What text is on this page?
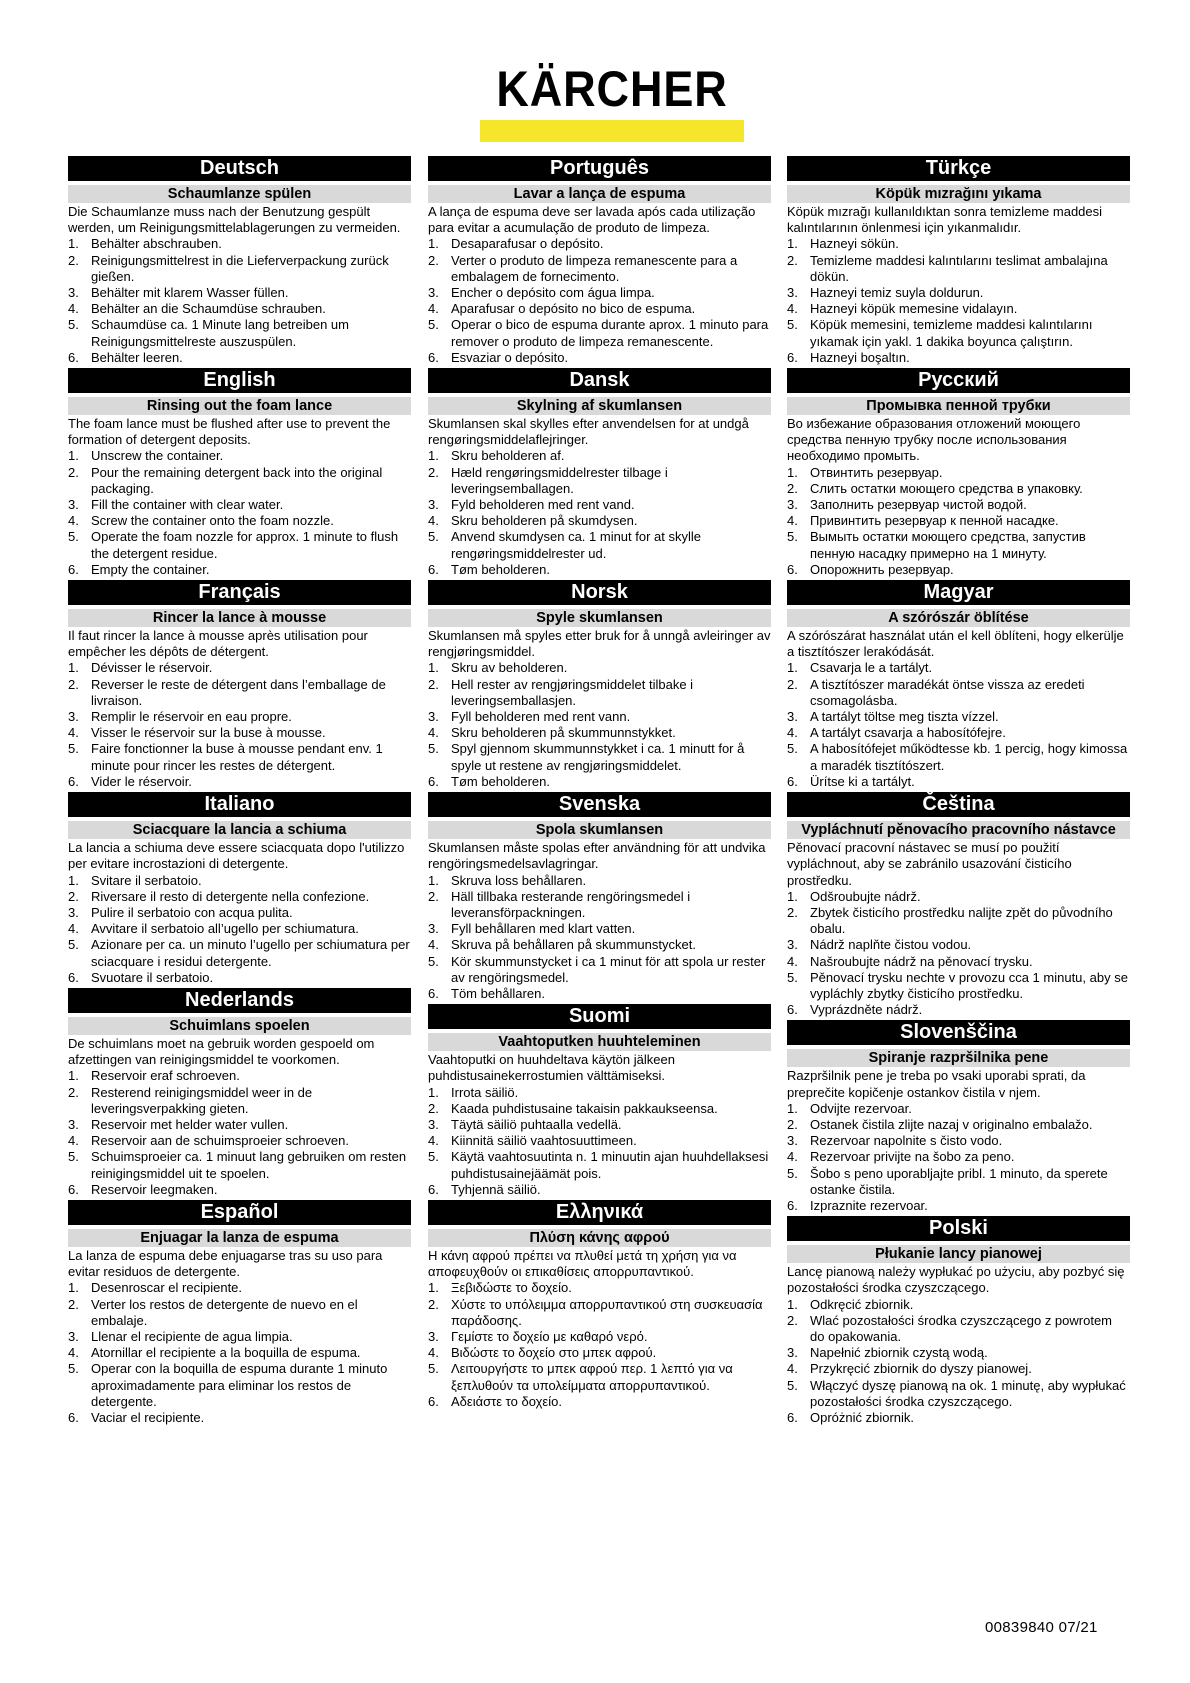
KÄRCHER
Deutsch
Schaumlanze spülen

Die Schaumlanze muss nach der Benutzung gespült werden, um Reinigungsmittelablagerungen zu vermeiden.

1. Behälter abschrauben.
2. Reinigungsmittelrest in die Lieferverpackung zurück gießen.
3. Behälter mit klarem Wasser füllen.
4. Behälter an die Schaumdüse schrauben.
5. Schaumdüse ca. 1 Minute lang betreiben um Reinigungsmittelreste auszuspülen.
6. Behälter leeren.
English
Rinsing out the foam lance

The foam lance must be flushed after use to prevent the formation of detergent deposits.

1. Unscrew the container.
2. Pour the remaining detergent back into the original packaging.
3. Fill the container with clear water.
4. Screw the container onto the foam nozzle.
5. Operate the foam nozzle for approx. 1 minute to flush the detergent residue.
6. Empty the container.
Français
Rincer la lance à mousse

Il faut rincer la lance à mousse après utilisation pour empêcher les dépôts de détergent.

1. Dévisser le réservoir.
2. Reverser le reste de détergent dans l’emballage de livraison.
3. Remplir le réservoir en eau propre.
4. Visser le réservoir sur la buse à mousse.
5. Faire fonctionner la buse à mousse pendant env. 1 minute pour rincer les restes de détergent.
6. Vider le réservoir.
Italiano
Sciacquare la lancia a schiuma

La lancia a schiuma deve essere sciacquata dopo l'utilizzo per evitare incrostazioni di detergente.

1. Svitare il serbatoio.
2. Riversare il resto di detergente nella confezione.
3. Pulire il serbatoio con acqua pulita.
4. Avvitare il serbatoio all’ugello per schiumatura.
5. Azionare per ca. un minuto l’ugello per schiumatura per sciacquare i residui detergente.
6. Svuotare il serbatoio.
Nederlands
Schuimlans spoelen

De schuimlans moet na gebruik worden gespoeld om afzettingen van reinigingsmiddel te voorkomen.

1. Reservoir eraf schroeven.
2. Resterend reinigingsmiddel weer in de leveringsverpakking gieten.
3. Reservoir met helder water vullen.
4. Reservoir aan de schuimsproeier schroeven.
5. Schuimsproeier ca. 1 minuut lang gebruiken om resten reinigingsmiddel uit te spoelen.
6. Reservoir leegmaken.
Español
Enjuagar la lanza de espuma

La lanza de espuma debe enjuagarse tras su uso para evitar residuos de detergente.

1. Desenroscar el recipiente.
2. Verter los restos de detergente de nuevo en el embalaje.
3. Llenar el recipiente de agua limpia.
4. Atornillar el recipiente a la boquilla de espuma.
5. Operar con la boquilla de espuma durante 1 minuto aproximadamente para eliminar los restos de detergente.
6. Vaciar el recipiente.
Português
Lavar a lança de espuma

A lança de espuma deve ser lavada após cada utilização para evitar a acumulação de produto de limpeza.

1. Desaparafusar o depósito.
2. Verter o produto de limpeza remanescente para a embalagem de fornecimento.
3. Encher o depósito com água limpa.
4. Aparafusar o depósito no bico de espuma.
5. Operar o bico de espuma durante aprox. 1 minuto para remover o produto de limpeza remanescente.
6. Esvaziar o depósito.
Dansk
Skylning af skumlansen

Skumlansen skal skylles efter anvendelsen for at undgå rengøringsmiddelaflejringer.

1. Skru beholderen af.
2. Hæld rengøringsmiddelrester tilbage i leveringsemballagen.
3. Fyld beholderen med rent vand.
4. Skru beholderen på skumdysen.
5. Anvend skumdysen ca. 1 minut for at skylle rengøringsmiddelrester ud.
6. Tøm beholderen.
Norsk
Spyle skumlansen

Skumlansen må spyles etter bruk for å unngå avleiringer av rengjøringsmiddel.

1. Skru av beholderen.
2. Hell rester av rengjøringsmiddelet tilbake i leveringsemballasjen.
3. Fyll beholderen med rent vann.
4. Skru beholderen på skummunnstykket.
5. Spyl gjennom skummunnstykket i ca. 1 minutt for å spyle ut restene av rengjøringsmiddelet.
6. Tøm beholderen.
Svenska
Spola skumlansen

Skumlansen måste spolas efter användning för att undvika rengöringsmedelsavlagringar.

1. Skruva loss behållaren.
2. Häll tillbaka resterande rengöringsmedel i leveransförpackningen.
3. Fyll behållaren med klart vatten.
4. Skruva på behållaren på skummunstycket.
5. Kör skummunstycket i ca 1 minut för att spola ur rester av rengöringsmedel.
6. Töm behållaren.
Suomi
Vaahtoputken huuhteleminen

Vaahtoputki on huuhdeltava käytön jälkeen puhdistusainekerrostumien välttämiseksi.

1. Irrota säiliö.
2. Kaada puhdistusaine takaisin pakkaukseensa.
3. Täytä säiliö puhtaalla vedellä.
4. Kiinnitä säiliö vaahtosuuttimeen.
5. Käytä vaahtosuutinta n. 1 minuutin ajan huuhdellaksesi puhdistusainejäämät pois.
6. Tyhjennä säiliö.
Ελληνικά
Πλύση κάνης αφρού

Η κάνη αφρού πρέπει να πλυθεί μετά τη χρήση για να αποφευχθούν οι επικαθίσεις απορρυπαντικού.

1. Ξεβιδώστε το δοχείο.
2. Χύστε το υπόλειμμα απορρυπαντικού στη συσκευασία παράδοσης.
3. Γεμίστε το δοχείο με καθαρό νερό.
4. Βιδώστε το δοχείο στο μπεκ αφρού.
5. Λειτουργήστε το μπεκ αφρού περ. 1 λεπτό για να ξεπλυθούν τα υπολείμματα απορρυπαντικού.
6. Αδειάστε το δοχείο.
Türkçe
Köpük mızrağını yıkama

Köpük mızrağı kullanıldıktan sonra temizleme maddesi kalıntılarının önlenmesi için yıkanmalıdır.

1. Hazneyi sökün.
2. Temizleme maddesi kalıntılarını teslimat ambalajına dökün.
3. Hazneyi temiz suyla doldurun.
4. Hazneyi köpük memesine vidalayın.
5. Köpük memesini, temizleme maddesi kalıntılarını yıkamak için yakl. 1 dakika boyunca çalıştırın.
6. Hazneyi boşaltın.
Русский
Промывка пенной трубки

Во избежание образования отложений моющего средства пенную трубку после использования необходимо промыть.

1. Отвинтить резервуар.
2. Слить остатки моющего средства в упаковку.
3. Заполнить резервуар чистой водой.
4. Привинтить резервуар к пенной насадке.
5. Вымыть остатки моющего средства, запустив пенную насадку примерно на 1 минуту.
6. Опорожнить резервуар.
Magyar
A szórószár öblítése

A szórószárat használat után el kell öblíteni, hogy elkerülje a tisztítószer lerakódását.

1. Csavarja le a tartályt.
2. A tisztítószer maradékát öntse vissza az eredeti csomagolásba.
3. A tartályt töltse meg tiszta vízzel.
4. A tartályt csavarja a habosítófejre.
5. A habosítófejet működtesse kb. 1 percig, hogy kimossa a maradék tisztítószert.
6. Ürítse ki a tartályt.
Čeština
Vypláchnutí pěnovacího pracovního nástavce

Pěnovací pracovní nástavec se musí po použití vypláchnout, aby se zabránilo usazování čisticího prostředku.

1. Odšroubujte nádrž.
2. Zbytek čisticího prostředku nalijte zpět do původního obalu.
3. Nádrž naplňte čistou vodou.
4. Našroubujte nádrž na pěnovací trysku.
5. Pěnovací trysku nechte v provozu cca 1 minutu, aby se vypláchly zbytky čisticího prostředku.
6. Vyprázdněte nádrž.
Slovenščina
Spiranje razpršilnika pene

Razpršilnik pene je treba po vsaki uporabi sprati, da preprečite kopičenje ostankov čistila v njem.

1. Odvijte rezervoar.
2. Ostanek čistila zlijte nazaj v originalno embalažo.
3. Rezervoar napolnite s čisto vodo.
4. Rezervoar privijte na šobo za peno.
5. Šobo s peno uporabljajte pribl. 1 minuto, da sperete ostanke čistila.
6. Izpraznite rezervoar.
Polski
Płukanie lancy pianowej

Lancę pianową należy wypłukać po użyciu, aby pozbyć się pozostałości środka czyszczącego.

1. Odkręcić zbiornik.
2. Wlać pozostałości środka czyszczącego z powrotem do opakowania.
3. Napełnić zbiornik czystą wodą.
4. Przykręcić zbiornik do dyszy pianowej.
5. Włączyć dyszę pianową na ok. 1 minutę, aby wypłukać pozostałości środka czyszczącego.
6. Opróżnić zbiornik.
00839840 07/21
